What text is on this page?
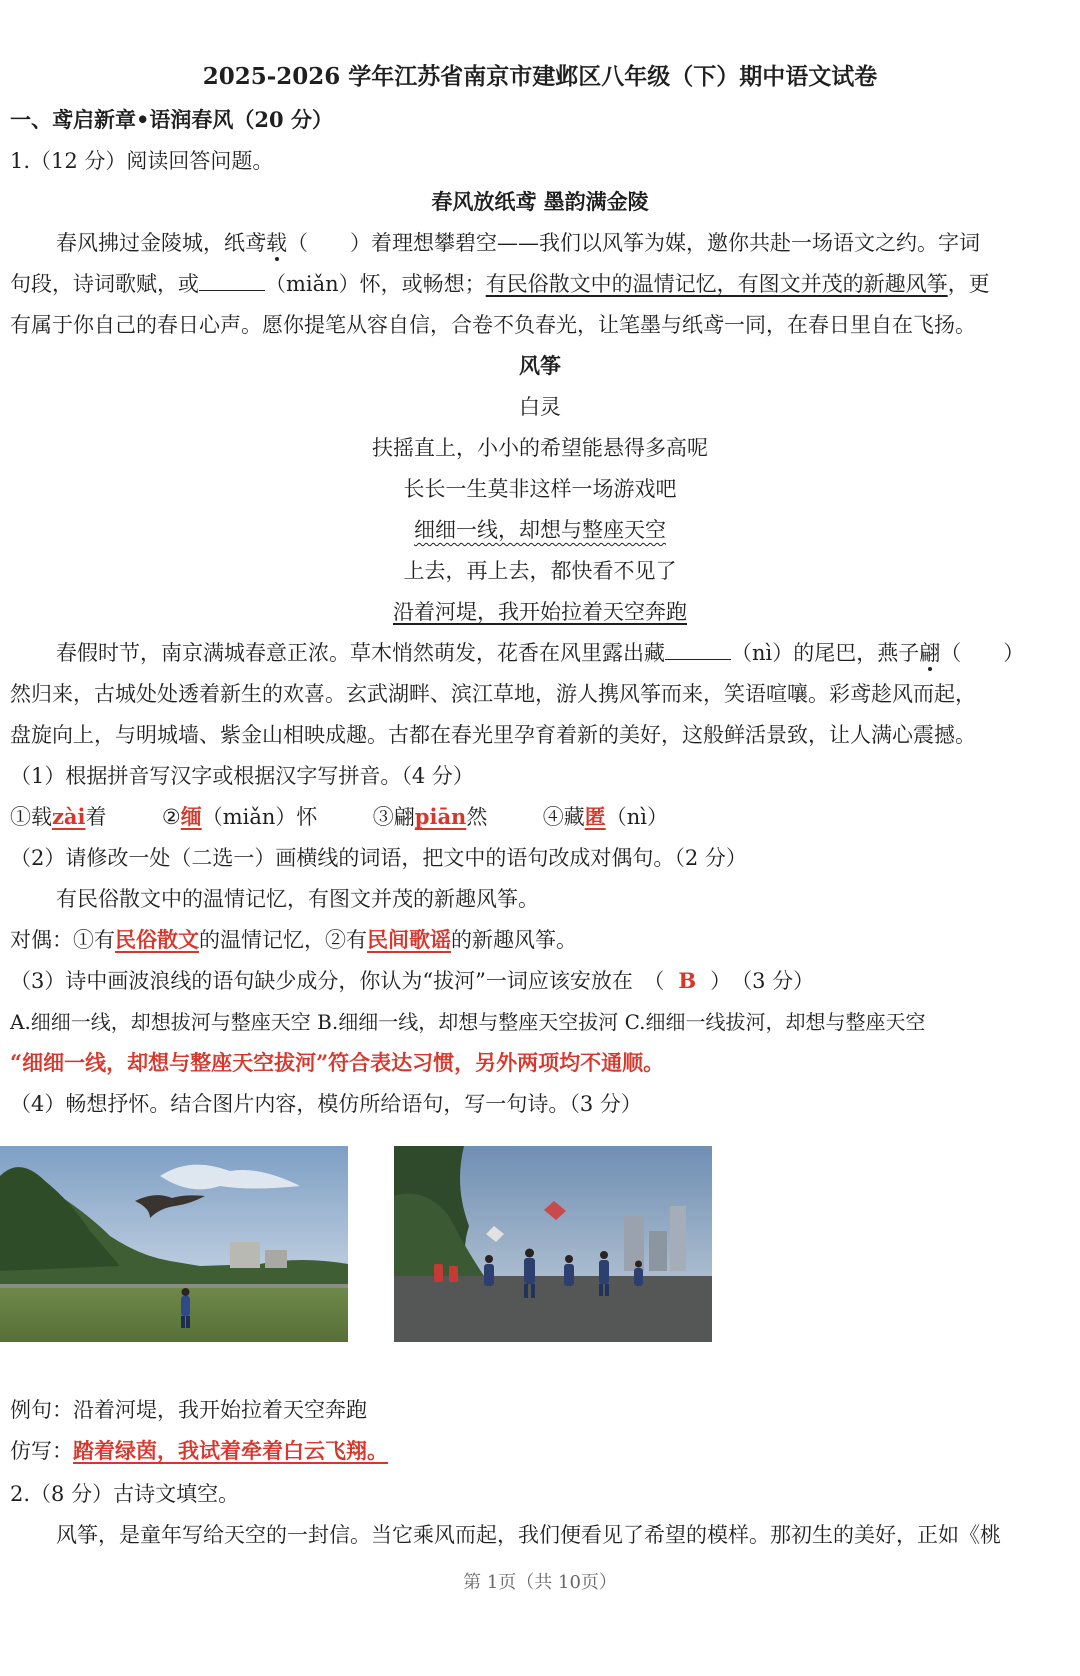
2025-2026 学年江苏省南京市建邺区八年级（下）期中语文试卷
一、鸢启新章•语润春风（20 分）
1.（12 分）阅读回答问题。
春风放纸鸢 墨韵满金陵
春风拂过金陵城，纸鸢载（　　）着理想攀碧空——我们以风筝为媒，邀你共赴一场语文之约。字词
句段，诗词歌赋，或	（miǎn）怀，或畅想；有民俗散文中的温情记忆，有图文并茂的新趣风筝，更
有属于你自己的春日心声。愿你提笔从容自信，合卷不负春光，让笔墨与纸鸢一同，在春日里自在飞扬。
风筝
白灵
扶摇直上，小小的希望能悬得多高呢
长长一生莫非这样一场游戏吧
细细一线，却想与整座天空
上去，再上去，都快看不见了
沿着河堤，我开始拉着天空奔跑
春假时节，南京满城春意正浓。草木悄然萌发，花香在风里露出藏	（nì）的尾巴，燕子翩（　　）
然归来，古城处处透着新生的欢喜。玄武湖畔、滨江草地，游人携风筝而来，笑语喧嚷。彩鸢趁风而起，
盘旋向上，与明城墙、紫金山相映成趣。古都在春光里孕育着新的美好，这般鲜活景致，让人满心震撼。
（1）根据拼音写汉字或根据汉字写拼音。（4 分）
①载zài着	②缅（miǎn）怀	③翩piān然	④藏匿（nì）
（2）请修改一处（二选一）画横线的词语，把文中的语句改成对偶句。（2 分）
有民俗散文中的温情记忆，有图文并茂的新趣风筝。
对偶：①有民俗散文的温情记忆，②有民间歌谣的新趣风筝。
（3）诗中画波浪线的语句缺少成分，你认为“拔河”一词应该安放在　（ B ）　（3 分）
A.细细一线，却想拔河与整座天空 B.细细一线，却想与整座天空拔河 C.细细一线拔河，却想与整座天空
“细细一线，却想与整座天空拔河”符合表达习惯，另外两项均不通顺。
（4）畅想抒怀。结合图片内容，模仿所给语句，写一句诗。（3 分）
例句：沿着河堤，我开始拉着天空奔跑
仿写：踏着绿茵，我试着牵着白云飞翔。
2.（8 分）古诗文填空。
风筝，是童年写给天空的一封信。当它乘风而起，我们便看见了希望的模样。那初生的美好，正如《桃
第 1页（共 10页）
